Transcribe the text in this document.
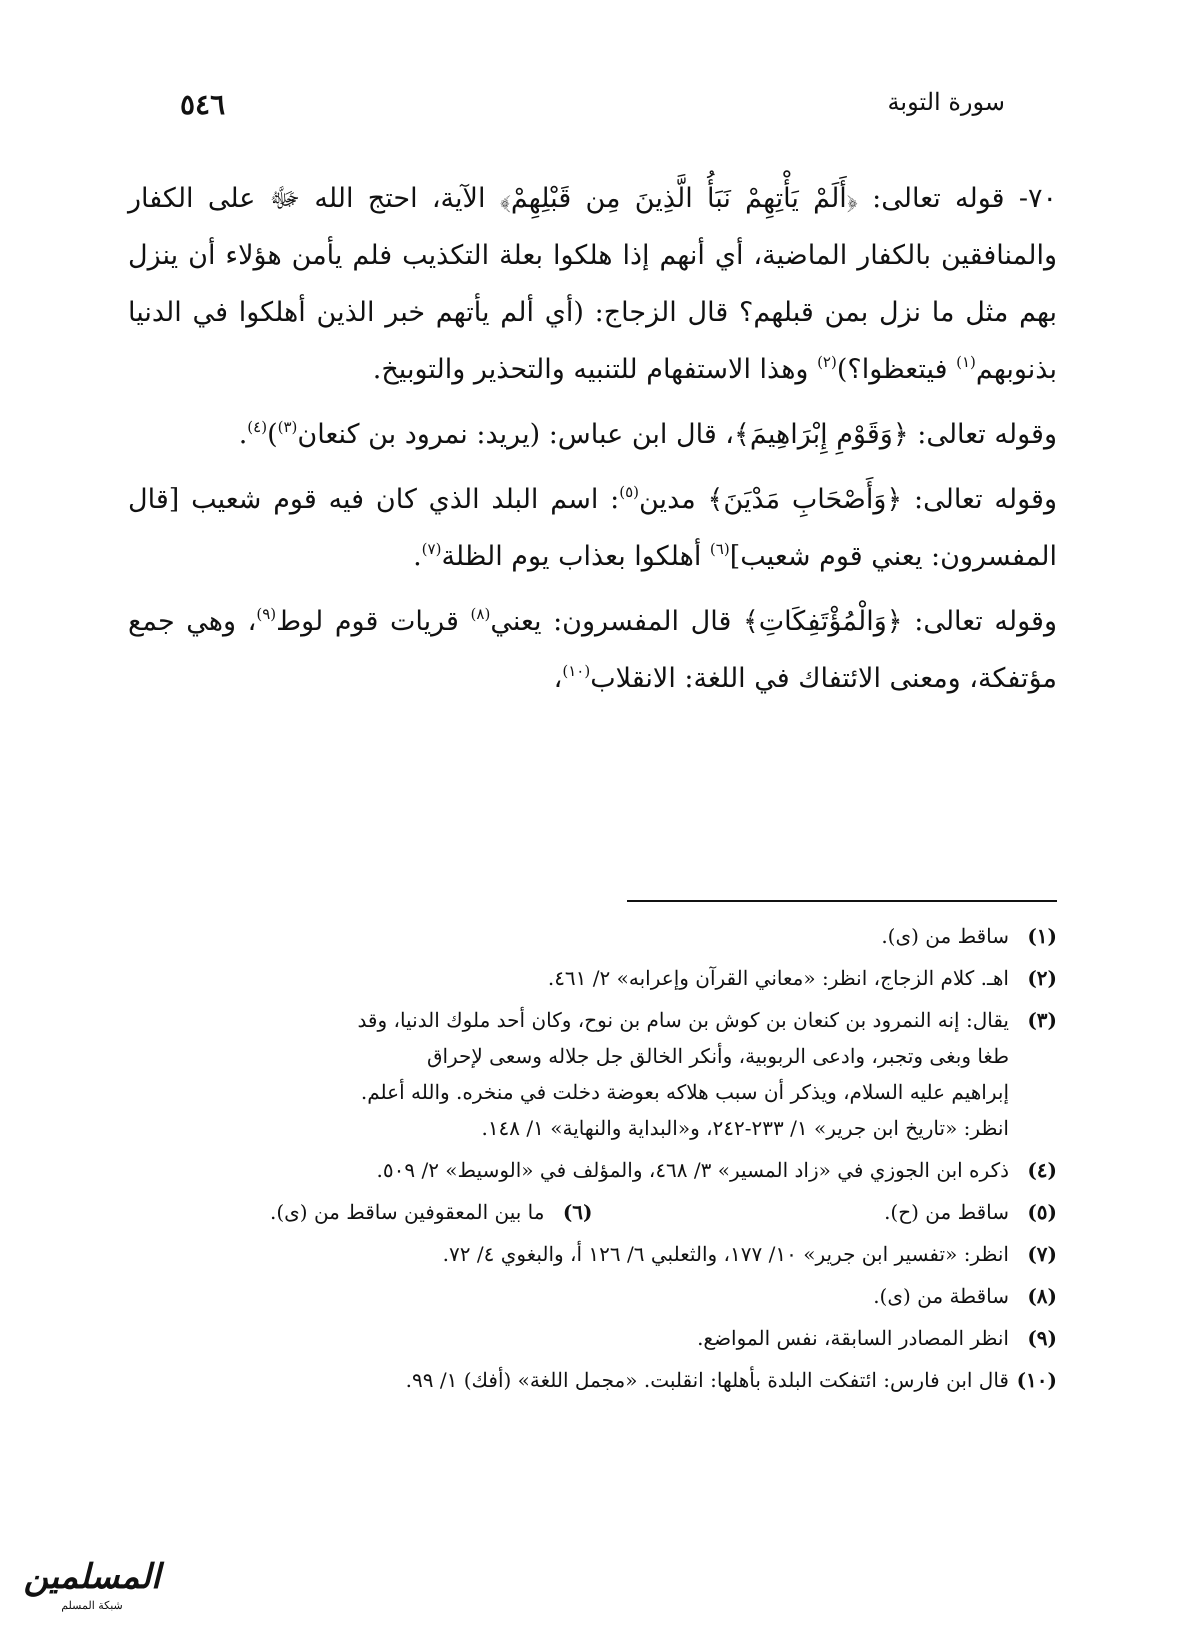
٥٤٦	سورة التوبة

٧٠- قوله تعالى: ﴿أَلَمْ يَأْتِهِمْ نَبَأُ الَّذِينَ مِن قَبْلِهِمْ﴾ الآية، احتج الله ﷻ على الكفار والمنافقين بالكفار الماضية، أي أنهم إذا هلكوا بعلة التكذيب فلم يأمن هؤلاء أن ينزل بهم مثل ما نزل بمن قبلهم؟ قال الزجاج: (أي ألم يأتهم خبر الذين أهلكوا في الدنيا بذنوبهم$^{(١)}$ فيتعظوا؟)$^{(٢)}$ وهذا الاستفهام للتنبيه والتحذير والتوبيخ.

وقوله تعالى: ﴿وَقَوْمِ إِبْرَاهِيمَ﴾، قال ابن عباس: (يريد: نمرود بن كنعان$^{(٣)}$)$^{(٤)}$.

وقوله تعالى: ﴿وَأَصْحَابِ مَدْيَنَ﴾ مدين$^{(٥)}$: اسم البلد الذي كان فيه قوم شعيب [قال المفسرون: يعني قوم شعيب]$^{(٦)}$ أهلكوا بعذاب يوم الظلة$^{(٧)}$.

وقوله تعالى: ﴿وَالْمُؤْتَفِكَاتِ﴾ قال المفسرون: يعني$^{(٨)}$ قريات قوم لوط$^{(٩)}$، وهي جمع مؤتفكة، ومعنى الائتفاك في اللغة: الانقلاب$^{(١٠)}$،

(١)
ساقط من (ى).
(٢)
اهـ. كلام الزجاج، انظر: «معاني القرآن وإعرابه» ٢/ ٤٦١.
(٣)
يقال: إنه النمرود بن كنعان بن كوش بن سام بن نوح، وكان أحد ملوك الدنيا، وقد
طغا وبغى وتجبر، وادعى الربوبية، وأنكر الخالق جل جلاله وسعى لإحراق
إبراهيم عليه السلام، ويذكر أن سبب هلاكه بعوضة دخلت في منخره. والله أعلم.
انظر: «تاريخ ابن جرير» ١/ ٢٣٣-٢٤٢، و«البداية والنهاية» ١/ ١٤٨.
(٤)
ذكره ابن الجوزي في «زاد المسير» ٣/ ٤٦٨، والمؤلف في «الوسيط» ٢/ ٥٠٩.
(٥)
ساقط من (ح).
(٦)
ما بين المعقوفين ساقط من (ى).
(٧)
انظر: «تفسير ابن جرير» ١٠/ ١٧٧، والثعلبي ٦/ ١٢٦ أ، والبغوي ٤/ ٧٢.
(٨)
ساقطة من (ى).
(٩)
انظر المصادر السابقة، نفس المواضع.
(١٠)
قال ابن فارس: ائتفكت البلدة بأهلها: انقلبت. «مجمل اللغة» (أفك) ١/ ٩٩.
المسلمين
شبكة المسلم
